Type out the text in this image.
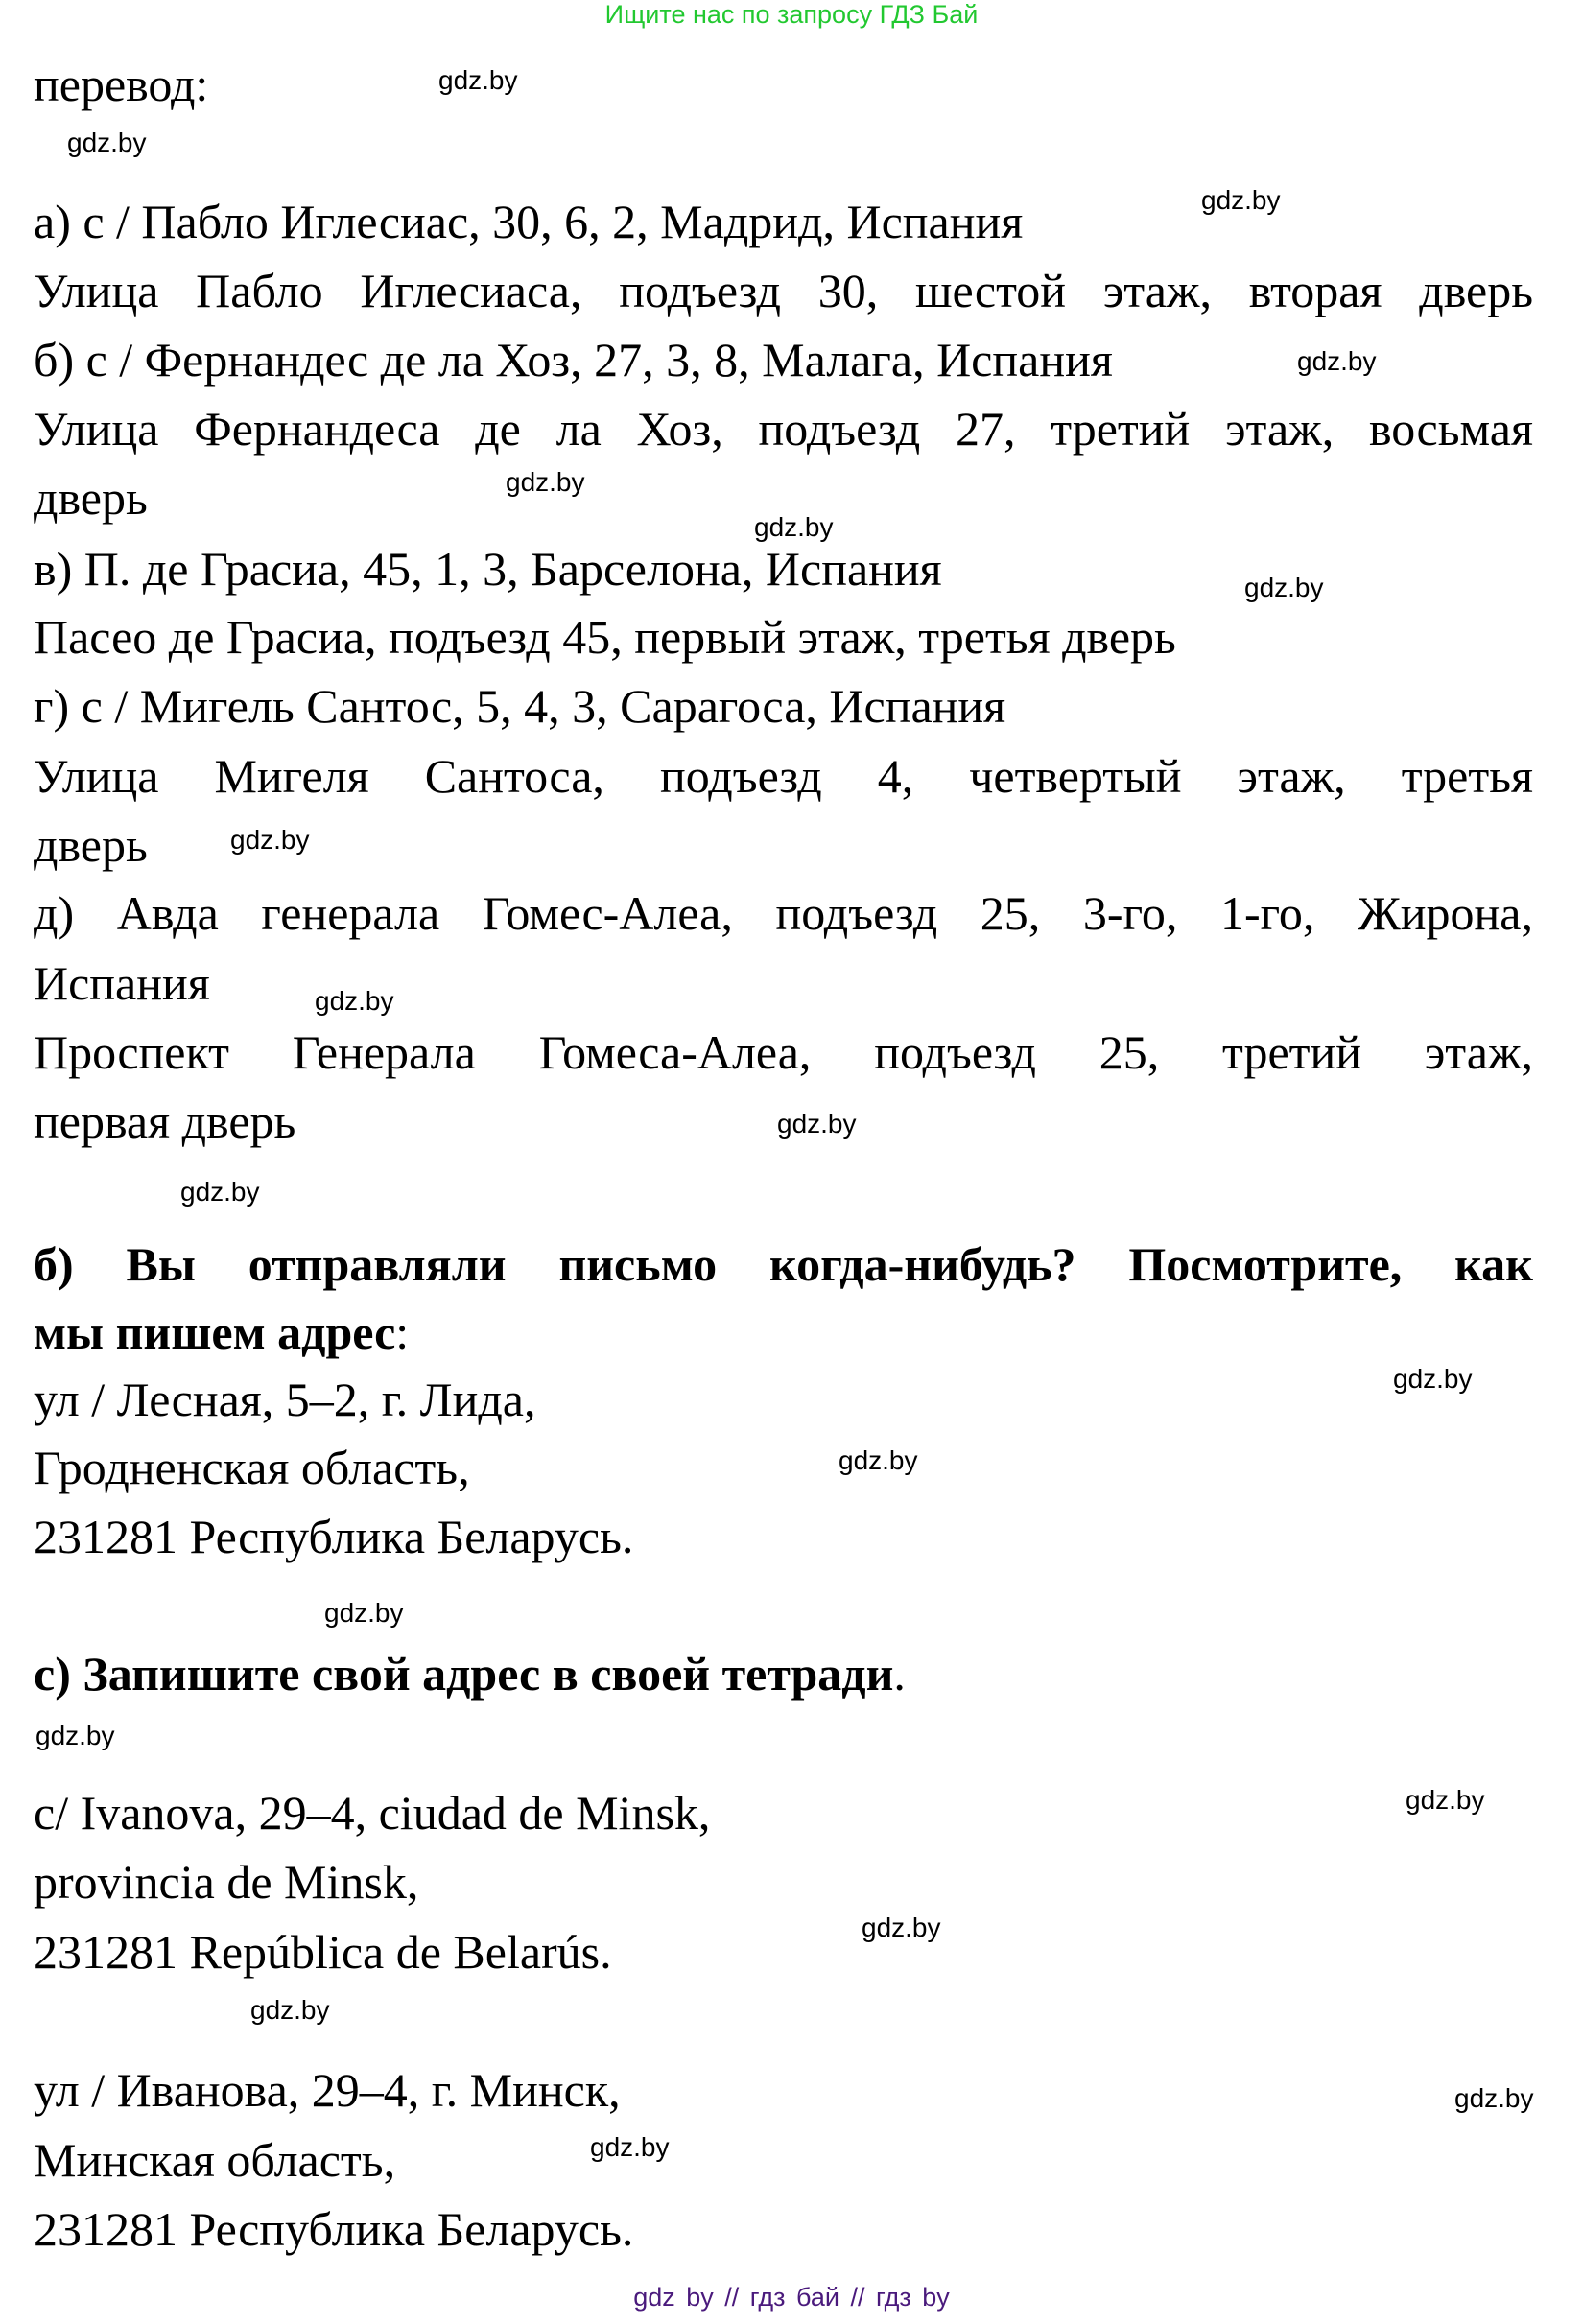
Ищите нас по запросу ГДЗ Бай
перевод:
а) с / Пабло Иглесиас, 30, 6, 2, Мадрид, Испания
Улица Пабло Иглесиаса, подъезд 30, шестой этаж, вторая дверь
б) с / Фернандес де ла Хоз, 27, 3, 8, Малага, Испания
Улица Фернандеса де ла Хоз, подъезд 27, третий этаж, восьмая
дверь
в) П. де Грасиа, 45, 1, 3, Барселона, Испания
Пасео де Грасиа, подъезд 45, первый этаж, третья дверь
г) с / Мигель Сантос, 5, 4, 3, Сарагоса, Испания
Улица Мигеля Сантоса, подъезд 4, четвертый этаж, третья
дверь
д) Авда генерала Гомес-Алеа, подъезд 25, 3-го, 1-го, Жирона,
Испания
Проспект Генерала Гомеса-Алеа, подъезд 25, третий этаж,
первая дверь
б) Вы отправляли письмо когда-нибудь? Посмотрите, как
мы пишем адрес:
ул / Лесная, 5–2, г. Лида,
Гродненская область,
231281 Республика Беларусь.
с) Запишите свой адрес в своей тетради.
c/ Ivanova, 29–4, ciudad de Minsk,
provincia de Minsk,
231281 República de Belarús.
ул / Иванова, 29–4, г. Минск,
Минская область,
231281 Республика Беларусь.
gdz.by
gdz.by
gdz.by
gdz.by
gdz.by
gdz.by
gdz.by
gdz.by
gdz.by
gdz.by
gdz.by
gdz.by
gdz.by
gdz.by
gdz.by
gdz.by
gdz.by
gdz.by
gdz.by
gdz.by
gdz by // гдз бай // гдз by
